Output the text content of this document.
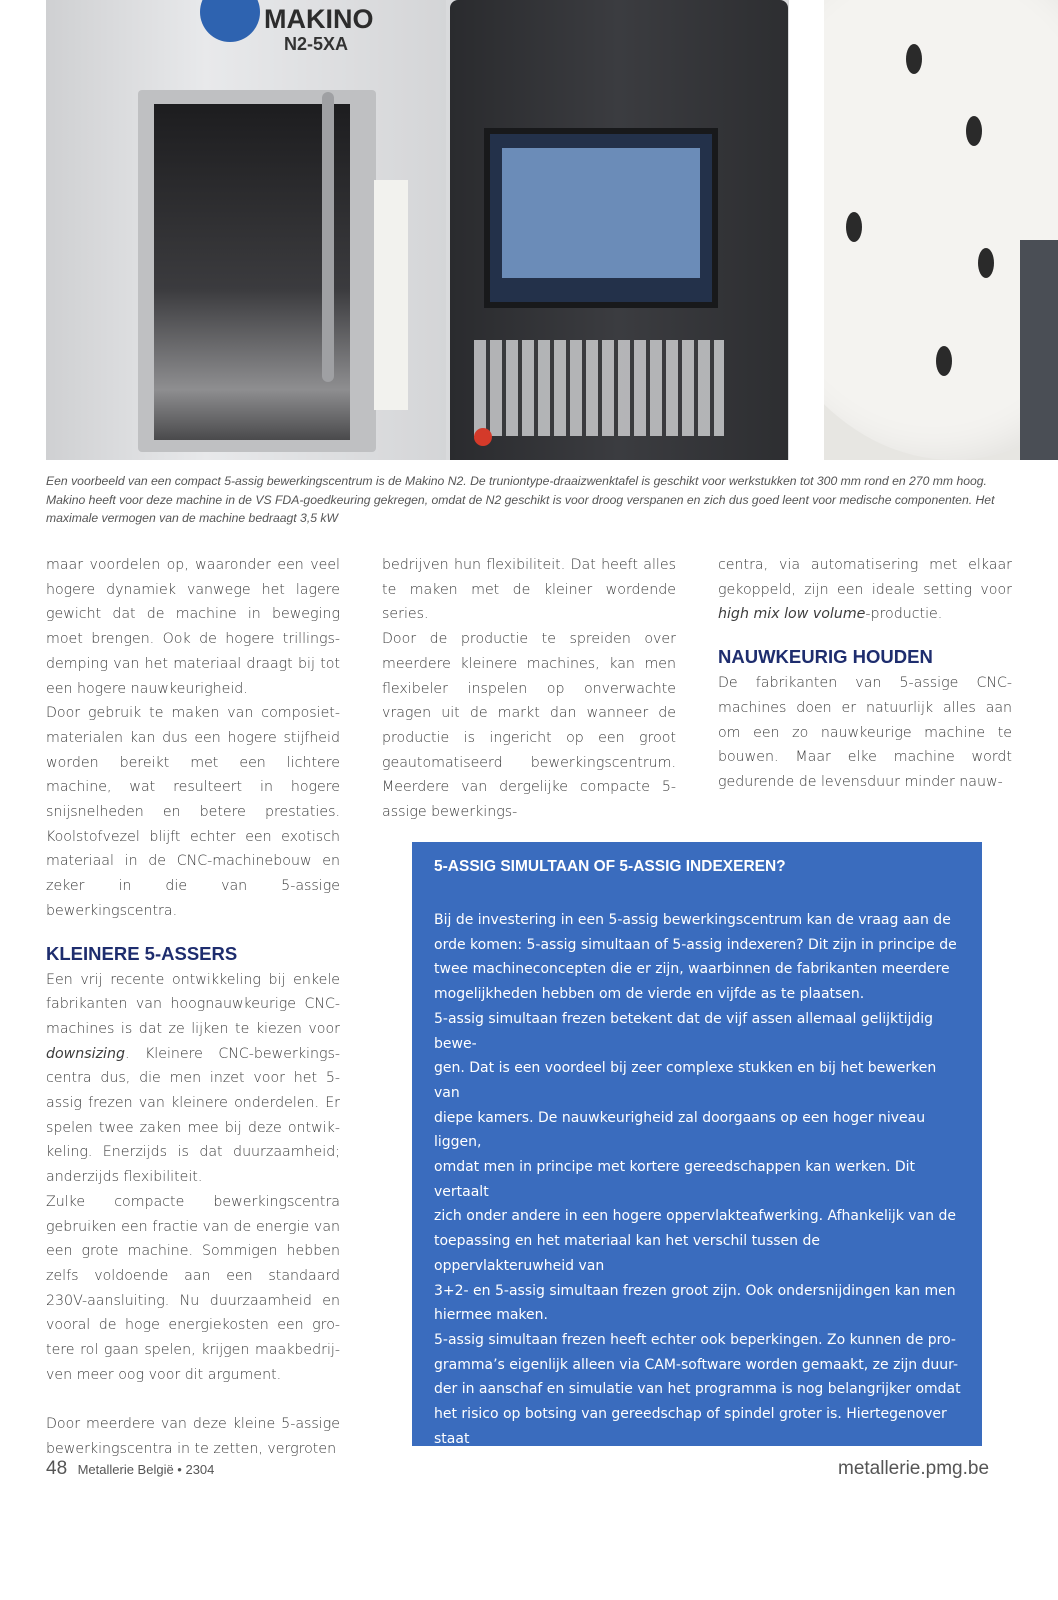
MAKINO
N2-5XA
Een voorbeeld van een compact 5-assig bewerkingscentrum is de Makino N2. De truniontype-draaizwenktafel is geschikt voor werkstukken tot 300 mm rond en 270 mm hoog. Makino heeft voor deze machine in de VS FDA-goedkeuring gekregen, omdat de N2 geschikt is voor droog verspanen en zich dus goed leent voor medische componenten. Het maximale vermogen van de machine bedraagt 3,5 kW

maar voordelen op, waaronder een veel hogere dynamiek vanwege het lagere gewicht dat de machine in beweging moet brengen. Ook de hogere trillingsdemping van het materiaal draagt bij tot een hogere nauwkeurigheid.

Door gebruik te maken van composietmaterialen kan dus een hogere stijfheid worden bereikt met een lichtere machine, wat resulteert in hogere snijsnelheden en betere prestaties. Koolstofvezel blijft echter een exotisch materiaal in de CNC-machinebouw en zeker in die van 5-assige bewerkingscentra.

KLEINERE 5-ASSERS

Een vrij recente ontwikkeling bij enkele fabrikanten van hoognauwkeurige CNC-machines is dat ze lijken te kiezen voor downsizing. Kleinere CNC-bewerkingscentra dus, die men inzet voor het 5-assig frezen van kleinere onderdelen. Er spelen twee zaken mee bij deze ontwikkeling. Enerzijds is dat duurzaamheid; anderzijds flexibiliteit.

Zulke compacte bewerkingscentra gebruiken een fractie van de energie van een grote machine. Sommigen hebben zelfs voldoende aan een standaard 230V-aansluiting. Nu duurzaamheid en vooral de hoge energiekosten een grotere rol gaan spelen, krijgen maakbedrijven meer oog voor dit argument.

Door meerdere van deze kleine 5-assige bewerkingscentra in te zetten, vergroten

bedrijven hun flexibiliteit. Dat heeft alles te maken met de kleiner wordende series.

Door de productie te spreiden over meerdere kleinere machines, kan men flexibeler inspelen op onverwachte vragen uit de markt dan wanneer de productie is ingericht op een groot geautomatiseerd bewerkingscentrum. Meerdere van dergelijke compacte 5-assige bewerkings-

centra, via automatisering met elkaar gekoppeld, zijn een ideale setting voor high mix low volume-productie.

NAUWKEURIG HOUDEN

De fabrikanten van 5-assige CNC-machines doen er natuurlijk alles aan om een zo nauwkeurige machine te bouwen. Maar elke machine wordt gedurende de levensduur minder nauw-

5-ASSIG SIMULTAAN OF 5-ASSIG INDEXEREN?

Bij de investering in een 5-assig bewerkingscentrum kan de vraag aan de

orde komen: 5-assig simultaan of 5-assig indexeren? Dit zijn in principe de

twee machineconcepten die er zijn, waarbinnen de fabrikanten meerdere

mogelijkheden hebben om de vierde en vijfde as te plaatsen.

5-assig simultaan frezen betekent dat de vijf assen allemaal gelijktijdig bewe-

gen. Dat is een voordeel bij zeer complexe stukken en bij het bewerken van

diepe kamers. De nauwkeurigheid zal doorgaans op een hoger niveau liggen,

omdat men in principe met kortere gereedschappen kan werken. Dit vertaalt

zich onder andere in een hogere oppervlakteafwerking. Afhankelijk van de

toepassing en het materiaal kan het verschil tussen de oppervlakteruwheid van

3+2- en 5-assig simultaan frezen groot zijn. Ook ondersnijdingen kan men

hiermee maken.

5-assig simultaan frezen heeft echter ook beperkingen. Zo kunnen de pro-

gramma’s eigenlijk alleen via CAM-software worden gemaakt, ze zijn duur-

der in aanschaf en simulatie van het programma is nog belangrijker omdat

het risico op botsing van gereedschap of spindel groter is. Hiertegenover staat

dat voor de meeste toepassingen 5-assig indexeren volstaat. Het is belangrijk

dat vijf vlakken in één opspanning kunnen worden bewerkt, wat al tot een

hogere nauwkeurigheid leidt vergeleken met het telkens opnieuw omspannen

van het werkstuk.

48 Metallerie België • 2304	metallerie.pmg.be
